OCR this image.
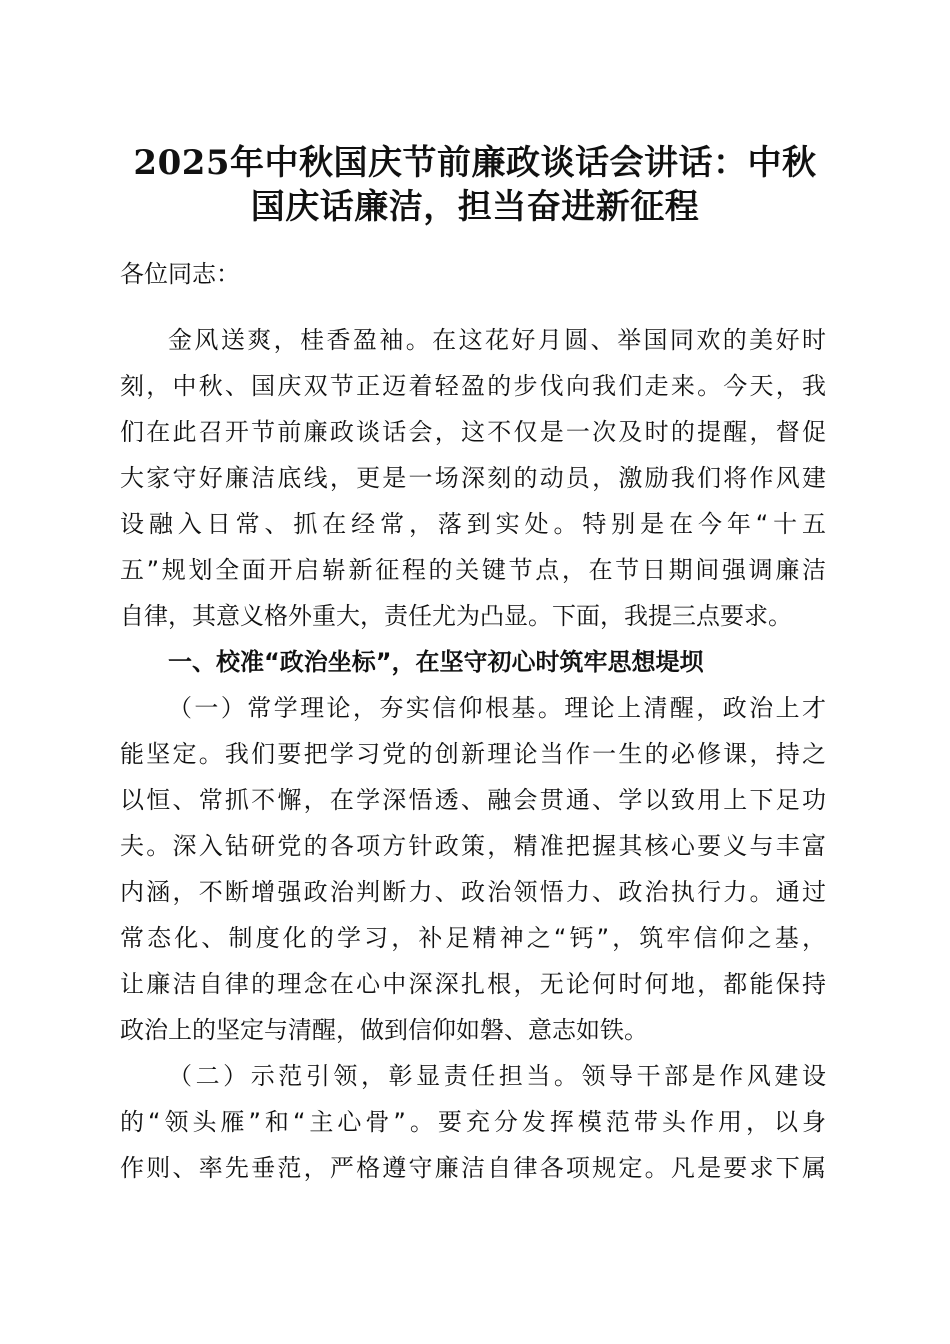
2025年中秋国庆节前廉政谈话会讲话：中秋
国庆话廉洁，担当奋进新征程
各位同志：
金风送爽，桂香盈袖。在这花好月圆、举国同欢的美好时
刻，中秋、国庆双节正迈着轻盈的步伐向我们走来。今天，我
们在此召开节前廉政谈话会，这不仅是一次及时的提醒，督促
大家守好廉洁底线，更是一场深刻的动员，激励我们将作风建
设融入日常、抓在经常，落到实处。特别是在今年“十五
五”规划全面开启崭新征程的关键节点，在节日期间强调廉洁
自律，其意义格外重大，责任尤为凸显。下面，我提三点要求。
一、校准“政治坐标”，在坚守初心时筑牢思想堤坝
（一）常学理论，夯实信仰根基。理论上清醒，政治上才
能坚定。我们要把学习党的创新理论当作一生的必修课，持之
以恒、常抓不懈，在学深悟透、融会贯通、学以致用上下足功
夫。深入钻研党的各项方针政策，精准把握其核心要义与丰富
内涵，不断增强政治判断力、政治领悟力、政治执行力。通过
常态化、制度化的学习，补足精神之“钙”，筑牢信仰之基，
让廉洁自律的理念在心中深深扎根，无论何时何地，都能保持
政治上的坚定与清醒，做到信仰如磐、意志如铁。
（二）示范引领，彰显责任担当。领导干部是作风建设
的“领头雁”和“主心骨”。要充分发挥模范带头作用，以身
作则、率先垂范，严格遵守廉洁自律各项规定。凡是要求下属
